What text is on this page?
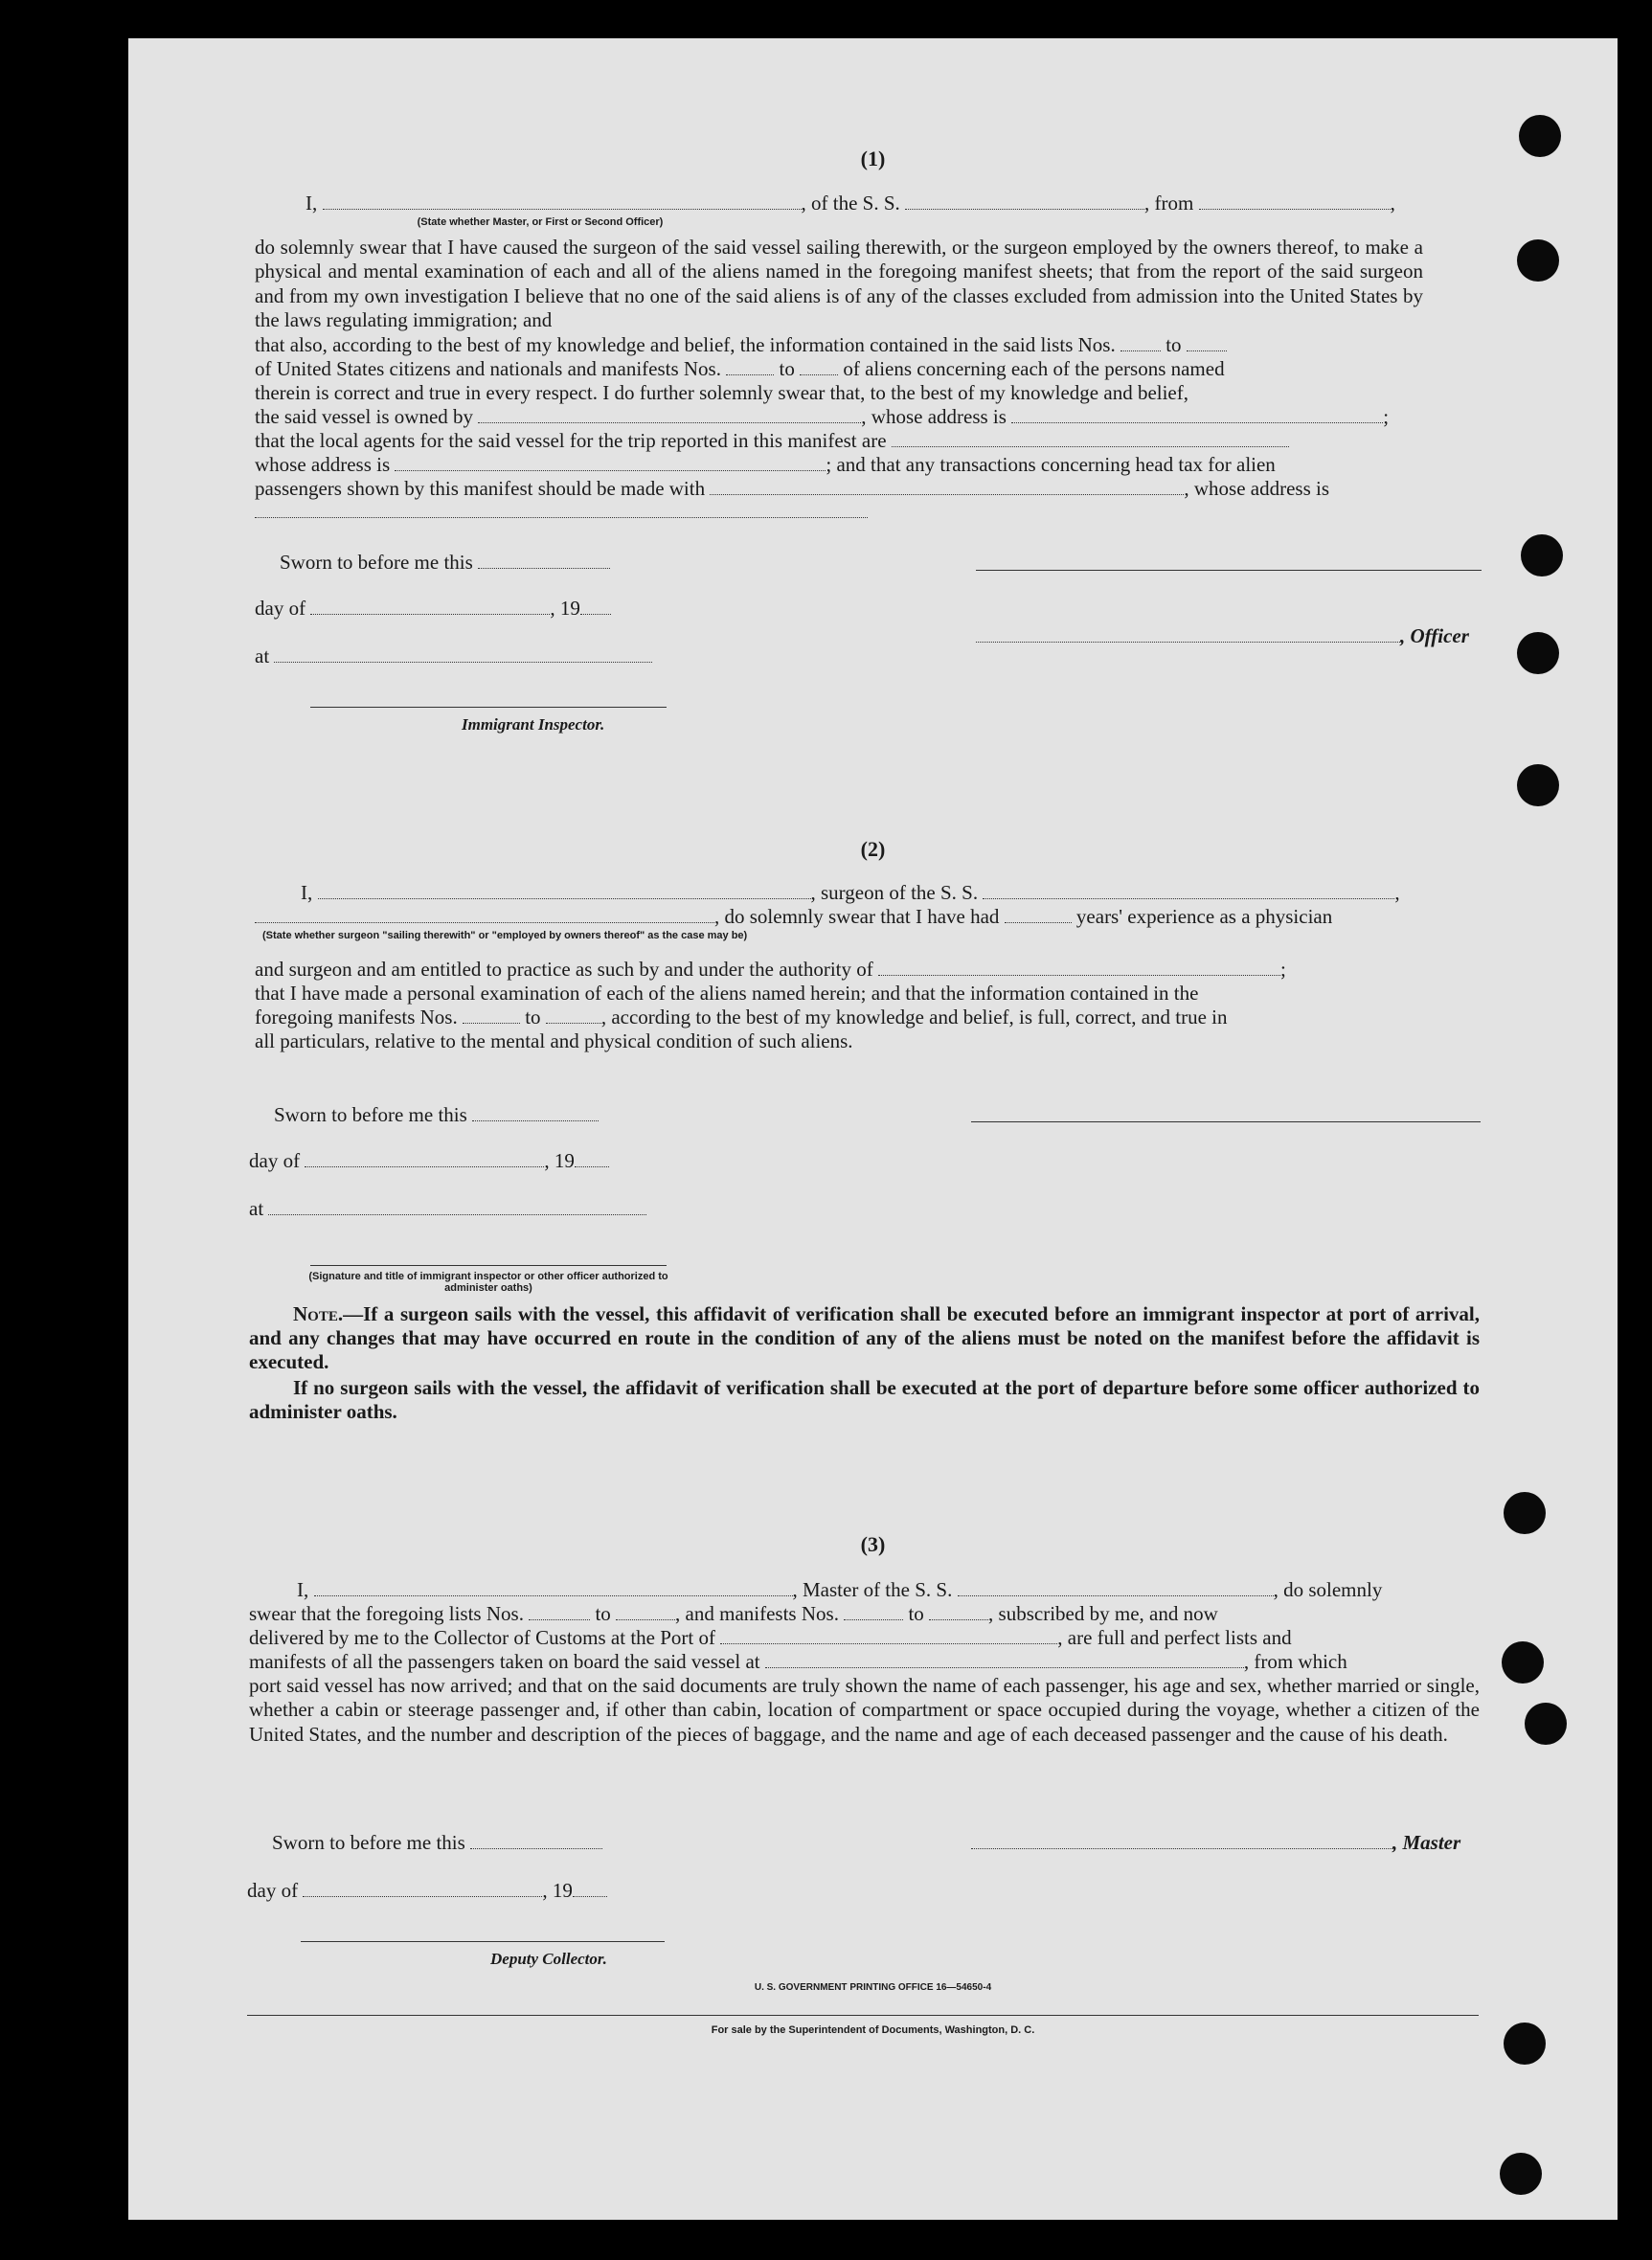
(1)
I,	, of the S. S.	, from	,
(State whether Master, or First or Second Officer)
do solemnly swear that I have caused the surgeon of the said vessel sailing therewith, or the surgeon employed by the owners thereof, to make a physical and mental examination of each and all of the aliens named in the foregoing manifest sheets; that from the report of the said surgeon and from my own investigation I believe that no one of the said aliens is of any of the classes excluded from admission into the United States by the laws regulating immigration; and
that also, according to the best of my knowledge and belief, the information contained in the said lists Nos.	to
of United States citizens and nationals and manifests Nos.	to of aliens concerning each of the persons named
therein is correct and true in every respect. I do further solemnly swear that, to the best of my knowledge and belief,
the said vessel is owned by	, whose address is	;
that the local agents for the said vessel for the trip reported in this manifest are
whose address is	; and that any transactions concerning head tax for alien
passengers shown by this manifest should be made with	, whose address is
Sworn to before me this
day of	, 19
, Officer
at
Immigrant Inspector.
(2)
I,	, surgeon of the S. S.	,
, do solemnly swear that I have had	years' experience as a physician
(State whether surgeon "sailing therewith" or "employed by owners thereof" as the case may be)
and surgeon and am entitled to practice as such by and under the authority of	;
that I have made a personal examination of each of the aliens named herein; and that the information contained in the
foregoing manifests Nos.	to	, according to the best of my knowledge and belief, is full, correct, and true in
all particulars, relative to the mental and physical condition of such aliens.
Sworn to before me this
day of	, 19
at
(Signature and title of immigrant inspector or other officer authorized to administer oaths)
Note.—If a surgeon sails with the vessel, this affidavit of verification shall be executed before an immigrant inspector at port of arrival, and any changes that may have occurred en route in the condition of any of the aliens must be noted on the manifest before the affidavit is executed.
If no surgeon sails with the vessel, the affidavit of verification shall be executed at the port of departure before some officer authorized to administer oaths.
(3)
I,	, Master of the S. S.	, do solemnly
swear that the foregoing lists Nos.	to	, and manifests Nos.	to	, subscribed by me, and now
delivered by me to the Collector of Customs at the Port of	, are full and perfect lists and
manifests of all the passengers taken on board the said vessel at	, from which
port said vessel has now arrived; and that on the said documents are truly shown the name of each passenger, his age and sex, whether married or single, whether a cabin or steerage passenger and, if other than cabin, location of compartment or space occupied during the voyage, whether a citizen of the United States, and the number and description of the pieces of baggage, and the name and age of each deceased passenger and the cause of his death.
Sworn to before me this	, Master
day of	, 19
Deputy Collector.
U. S. GOVERNMENT PRINTING OFFICE 16—54650-4
For sale by the Superintendent of Documents, Washington, D. C.
